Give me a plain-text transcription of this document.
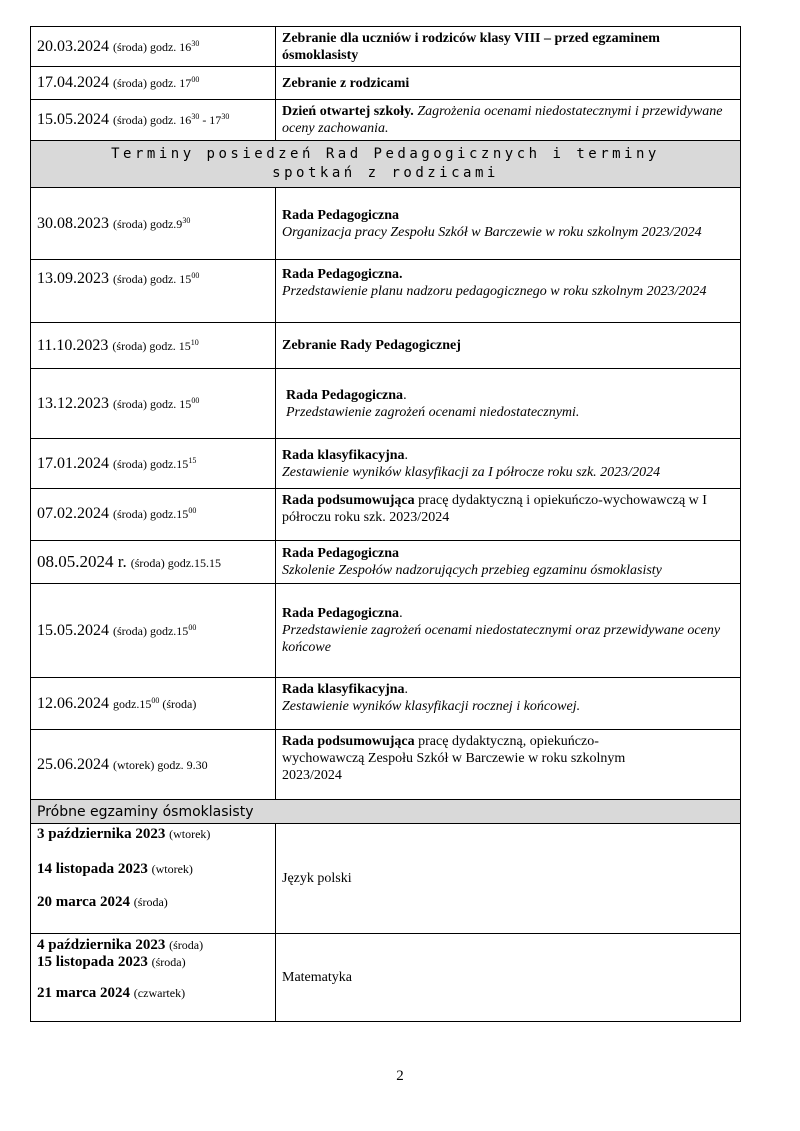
20.03.2024 (środa) godz. $16^{30}$	Zebranie dla uczniów i rodziców klasy VIII – przed egzaminem ósmoklasisty
17.04.2024 (środa) godz. $17^{00}$	Zebranie z rodzicami
15.05.2024 (środa) godz. $16^{30} - 17^{30}$	Dzień otwartej szkoły. Zagrożenia ocenami niedostatecznymi i przewidywane oceny zachowania.

Terminy posiedzeń Rad Pedagogicznych i terminy spotkań z rodzicami	

30.08.2023 (środa) $godz.9^{30}$	Rada Pedagogiczna
Organizacja pracy Zespołu Szkół w Barczewie w roku szkolnym 2023/2024

13.09.2023 (środa) godz. $15^{00}$	Rada Pedagogiczna.
Przedstawienie planu nadzoru pedagogicznego w roku szkolnym 2023/2024

11.10.2023 (środa) godz. $15^{10}$	Zebranie Rady Pedagogicznej
13.12.2023 (środa) godz. $15^{00}$	Rada Pedagogiczna.
Przedstawienie zagrożeń ocenami niedostatecznymi.

17.01.2024 (środa) $godz.15^{15}$	Rada klasyfikacyjna.
Zestawienie wyników klasyfikacji za I półrocze roku szk. 2023/2024

07.02.2024 (środa) $godz.15^{00}$	Rada podsumowująca pracę dydaktyczną i opiekuńczo-wychowawczą w I półroczu roku szk. 2023/2024
08.05.2024 r. (środa) godz.15.15	Rada Pedagogiczna
Szkolenie Zespołów nadzorujących przebieg egzaminu ósmoklasisty

15.05.2024 (środa) $godz.15^{00}$	Rada Pedagogiczna.
Przedstawienie zagrożeń ocenami niedostatecznymi oraz przewidywane oceny końcowe

12.06.2024 $godz.15^{00}$ (środa)	Rada klasyfikacyjna.
Zestawienie wyników klasyfikacji rocznej i końcowej.

25.06.2024 (wtorek) godz. 9.30	Rada podsumowująca pracę dydaktyczną, opiekuńczo-wychowawczą Zespołu Szkół w Barczewie w roku szkolnym 2023/2024

Próbne egzaminy ósmoklasisty	

3 października 2023 (wtorek)
14 listopada 2023 (wtorek)
20 marca 2024 (środa)	Język polski

4 października 2023 (środa)
15 listopada 2023 (środa)
21 marca 2024 (czwartek)	Matematyka
2
